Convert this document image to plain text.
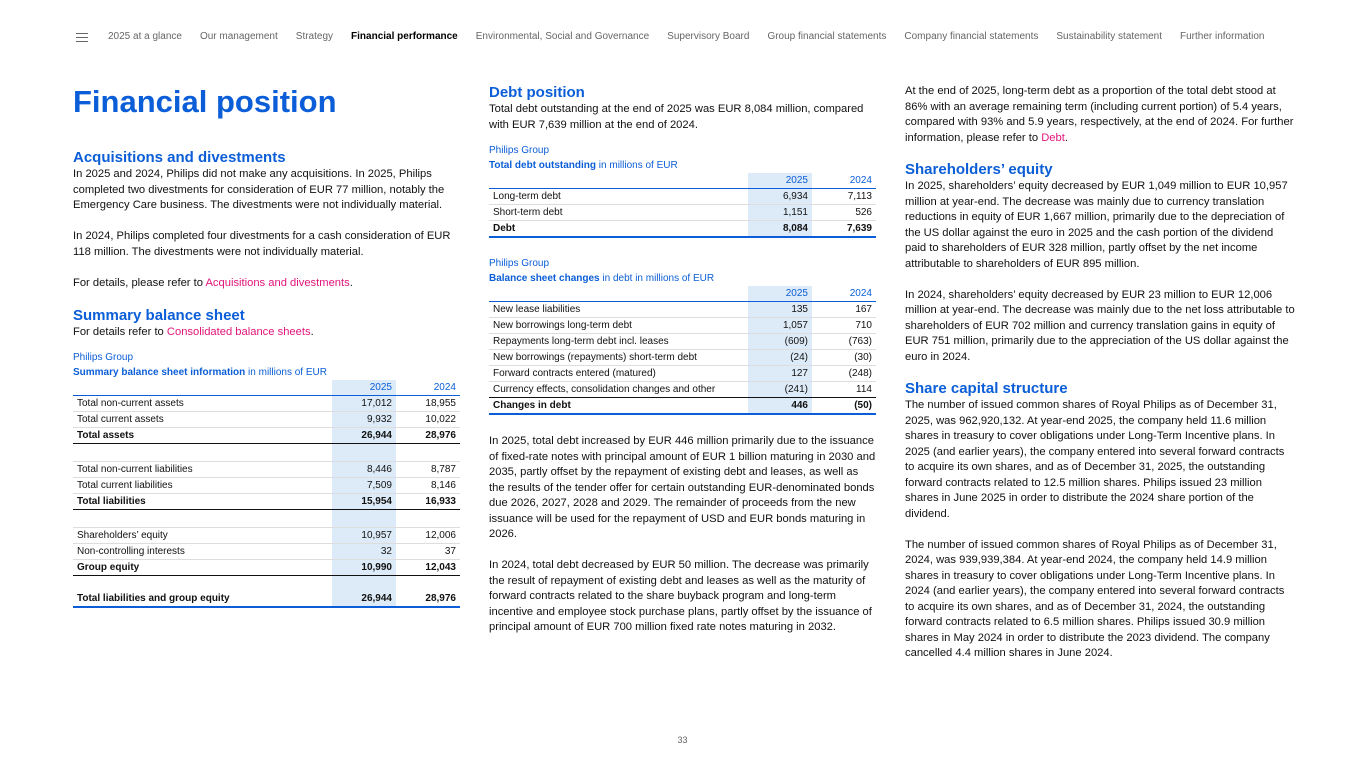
2025 at a glance Our management Strategy Financial performance Environmental, Social and Governance Supervisory Board Group financial statements Company financial statements Sustainability statement Further information
Financial position
Acquisitions and divestments

In 2025 and 2024, Philips did not make any acquisitions. In 2025, Philips completed two divestments for consideration of EUR 77 million, notably the Emergency Care business. The divestments were not individually material.

In 2024, Philips completed four divestments for a cash consideration of EUR 118 million. The divestments were not individually material.

For details, please refer to Acquisitions and divestments.

Summary balance sheet

For details refer to Consolidated balance sheets.

Philips Group
Summary balance sheet information in millions of EUR
	2025	2024
Total non-current assets	17,012	18,955
Total current assets	9,932	10,022
Total assets	26,944	28,976

Total non-current liabilities	8,446	8,787
Total current liabilities	7,509	8,146
Total liabilities	15,954	16,933

Shareholders’ equity	10,957	12,006
Non-controlling interests	32	37
Group equity	10,990	12,043
Total liabilities and group equity	26,944	28,976
Debt position

Total debt outstanding at the end of 2025 was EUR 8,084 million, compared with EUR 7,639 million at the end of 2024.

Philips Group
Total debt outstanding in millions of EUR
	2025	2024
Long-term debt	6,934	7,113
Short-term debt	1,151	526
Debt	8,084	7,639
Philips Group
Balance sheet changes in debt in millions of EUR
	2025	2024
New lease liabilities	135	167
New borrowings long-term debt	1,057	710
Repayments long-term debt incl. leases	(609)	(763)
New borrowings (repayments) short-term debt	(24)	(30)
Forward contracts entered (matured)	127	(248)
Currency effects, consolidation changes and other	(241)	114
Changes in debt	446	(50)

In 2025, total debt increased by EUR 446 million primarily due to the issuance of fixed-rate notes with principal amount of EUR 1 billion maturing in 2030 and 2035, partly offset by the repayment of existing debt and leases, as well as the results of the tender offer for certain outstanding EUR-denominated bonds due 2026, 2027, 2028 and 2029. The remainder of proceeds from the new issuance will be used for the repayment of USD and EUR bonds maturing in 2026.

In 2024, total debt decreased by EUR 50 million. The decrease was primarily the result of repayment of existing debt and leases as well as the maturity of forward contracts related to the share buyback program and long-term incentive and employee stock purchase plans, partly offset by the issuance of principal amount of EUR 700 million fixed rate notes maturing in 2032.

At the end of 2025, long-term debt as a proportion of the total debt stood at 86% with an average remaining term (including current portion) of 5.4 years, compared with 93% and 5.9 years, respectively, at the end of 2024. For further information, please refer to Debt.

Shareholders’ equity

In 2025, shareholders’ equity decreased by EUR 1,049 million to EUR 10,957 million at year-end. The decrease was mainly due to currency translation reductions in equity of EUR 1,667 million, primarily due to the depreciation of the US dollar against the euro in 2025 and the cash portion of the dividend paid to shareholders of EUR 328 million, partly offset by the net income attributable to shareholders of EUR 895 million.

In 2024, shareholders’ equity decreased by EUR 23 million to EUR 12,006 million at year-end. The decrease was mainly due to the net loss attributable to shareholders of EUR 702 million and currency translation gains in equity of EUR 751 million, primarily due to the appreciation of the US dollar against the euro in 2024.

Share capital structure

The number of issued common shares of Royal Philips as of December 31, 2025, was 962,920,132. At year-end 2025, the company held 11.6 million shares in treasury to cover obligations under Long-Term Incentive plans. In 2025 (and earlier years), the company entered into several forward contracts to acquire its own shares, and as of December 31, 2025, the outstanding forward contracts related to 12.5 million shares. Philips issued 23 million shares in June 2025 in order to distribute the 2024 share portion of the dividend.

The number of issued common shares of Royal Philips as of December 31, 2024, was 939,939,384. At year-end 2024, the company held 14.9 million shares in treasury to cover obligations under Long-Term Incentive plans. In 2024 (and earlier years), the company entered into several forward contracts to acquire its own shares, and as of December 31, 2024, the outstanding forward contracts related to 6.5 million shares. Philips issued 30.9 million shares in May 2024 in order to distribute the 2023 dividend. The company cancelled 4.4 million shares in June 2024.

33
